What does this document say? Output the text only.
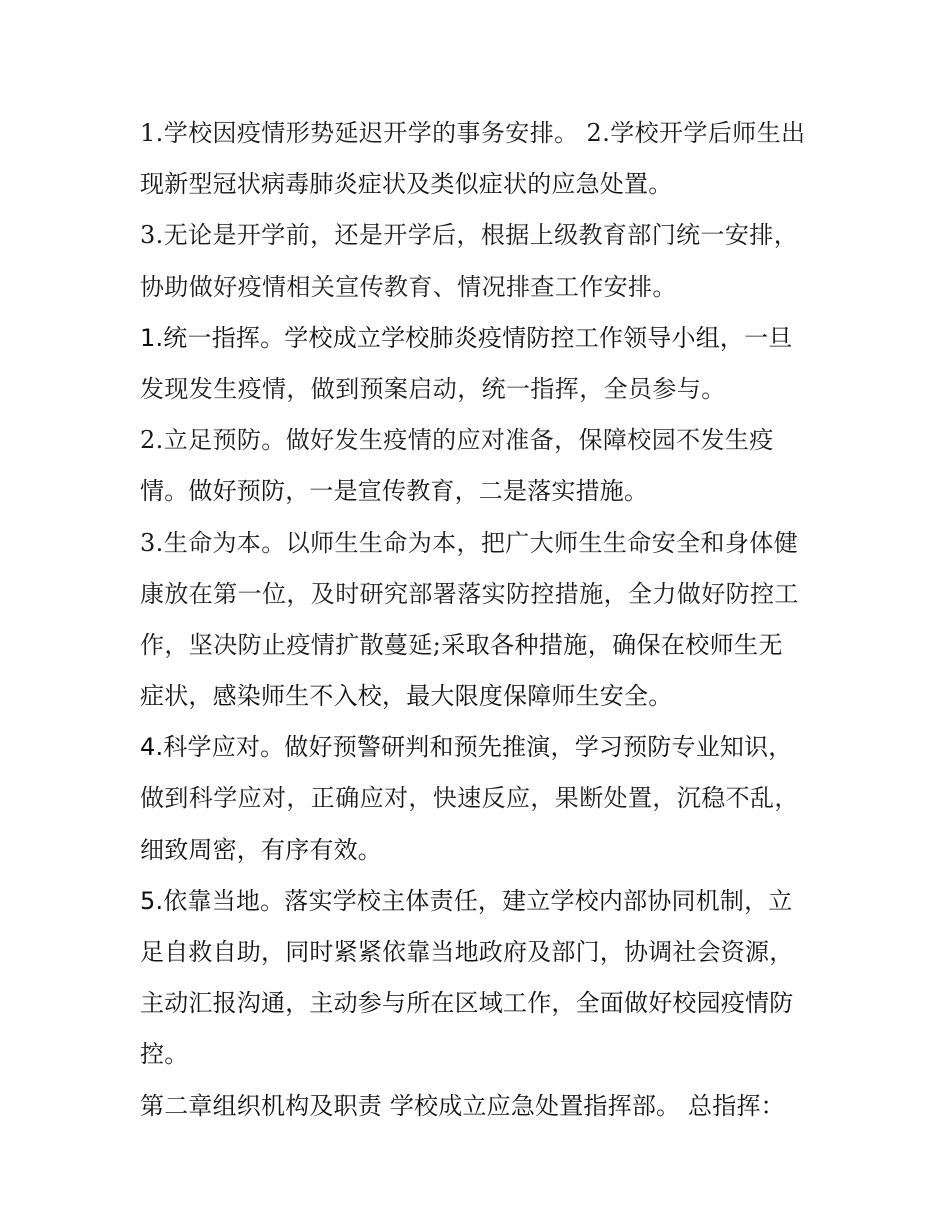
1.学校因疫情形势延迟开学的事务安排。 2.学校开学后师生出
现新型冠状病毒肺炎症状及类似症状的应急处置。
3.无论是开学前，还是开学后，根据上级教育部门统一安排，
协助做好疫情相关宣传教育、情况排查工作安排。
1.统一指挥。学校成立学校肺炎疫情防控工作领导小组，一旦
发现发生疫情，做到预案启动，统一指挥，全员参与。
2.立足预防。做好发生疫情的应对准备，保障校园不发生疫
情。做好预防，一是宣传教育，二是落实措施。
3.生命为本。以师生生命为本，把广大师生生命安全和身体健
康放在第一位，及时研究部署落实防控措施，全力做好防控工
作，坚决防止疫情扩散蔓延;采取各种措施，确保在校师生无
症状，感染师生不入校，最大限度保障师生安全。
4.科学应对。做好预警研判和预先推演，学习预防专业知识，
做到科学应对，正确应对，快速反应，果断处置，沉稳不乱，
细致周密，有序有效。
5.依靠当地。落实学校主体责任，建立学校内部协同机制，立
足自救自助，同时紧紧依靠当地政府及部门，协调社会资源，
主动汇报沟通，主动参与所在区域工作，全面做好校园疫情防
控。
第二章组织机构及职责 学校成立应急处置指挥部。 总指挥：
